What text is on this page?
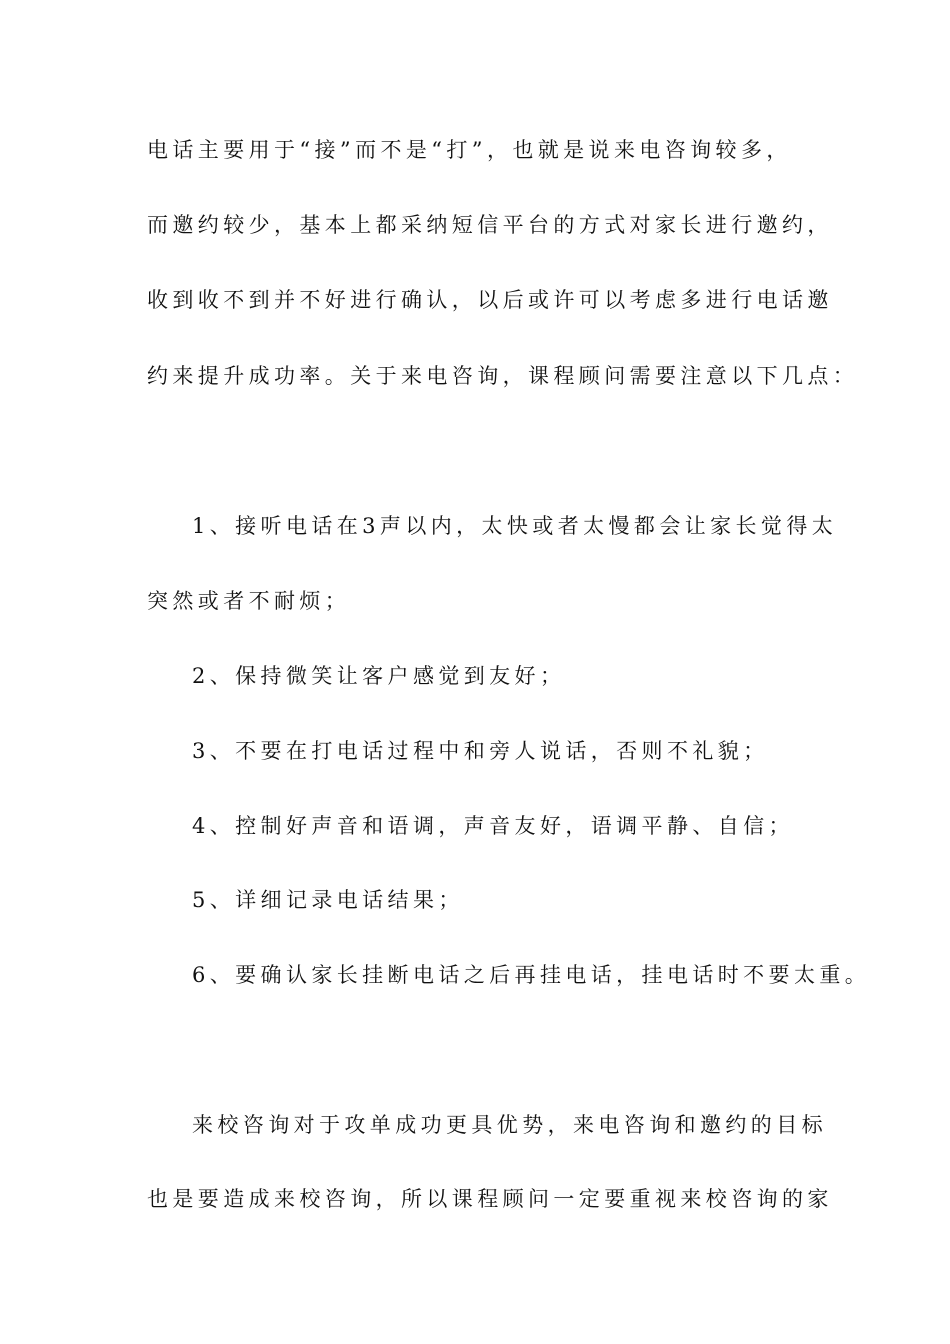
电话主要用于“接”而不是“打”，也就是说来电咨询较多，

而邀约较少，基本上都采纳短信平台的方式对家长进行邀约，

收到收不到并不好进行确认，以后或许可以考虑多进行电话邀

约来提升成功率。关于来电咨询，课程顾问需要注意以下几点：

1、接听电话在3声以内，太快或者太慢都会让家长觉得太

突然或者不耐烦；

2、保持微笑让客户感觉到友好；

3、不要在打电话过程中和旁人说话，否则不礼貌；

4、控制好声音和语调，声音友好，语调平静、自信；

5、详细记录电话结果；

6、要确认家长挂断电话之后再挂电话，挂电话时不要太重。

来校咨询对于攻单成功更具优势，来电咨询和邀约的目标

也是要造成来校咨询，所以课程顾问一定要重视来校咨询的家
